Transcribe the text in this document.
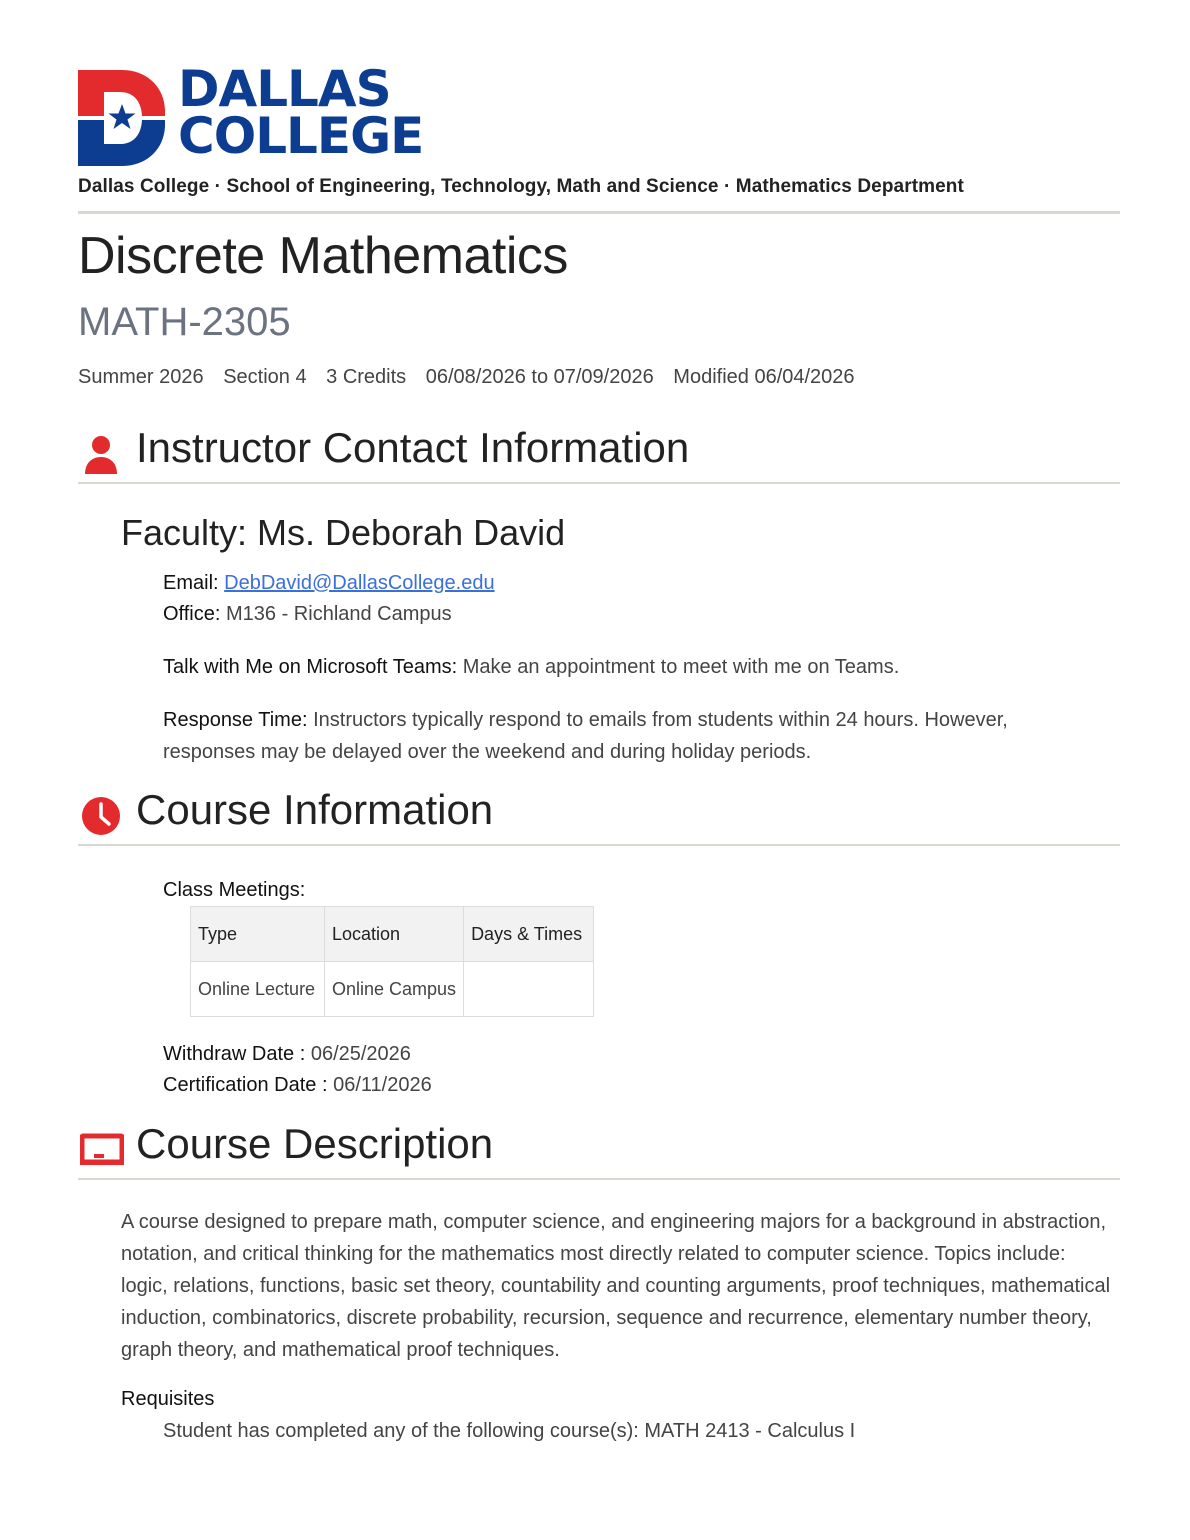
DALLAS
COLLEGE
Dallas College · School of Engineering, Technology, Math and Science · Mathematics Department
Discrete Mathematics
MATH-2305
Summer 2026 Section 4 3 Credits 06/08/2026 to 07/09/2026 Modified 06/04/2026
Instructor Contact Information
Faculty: Ms. Deborah David
Email: DebDavid@DallasCollege.edu
Office: M136 - Richland Campus
Talk with Me on Microsoft Teams: Make an appointment to meet with me on Teams.
Response Time: Instructors typically respond to emails from students within 24 hours. However, responses may be delayed over the weekend and during holiday periods.
Course Information
Class Meetings:
Type	Location	Days & Times
Online Lecture	Online Campus	
Withdraw Date : 06/25/2026
Certification Date : 06/11/2026
Course Description
A course designed to prepare math, computer science, and engineering majors for a background in abstraction, notation, and critical thinking for the mathematics most directly related to computer science. Topics include: logic, relations, functions, basic set theory, countability and counting arguments, proof techniques, mathematical induction, combinatorics, discrete probability, recursion, sequence and recurrence, elementary number theory, graph theory, and mathematical proof techniques.
Requisites
Student has completed any of the following course(s): MATH 2413 - Calculus I
